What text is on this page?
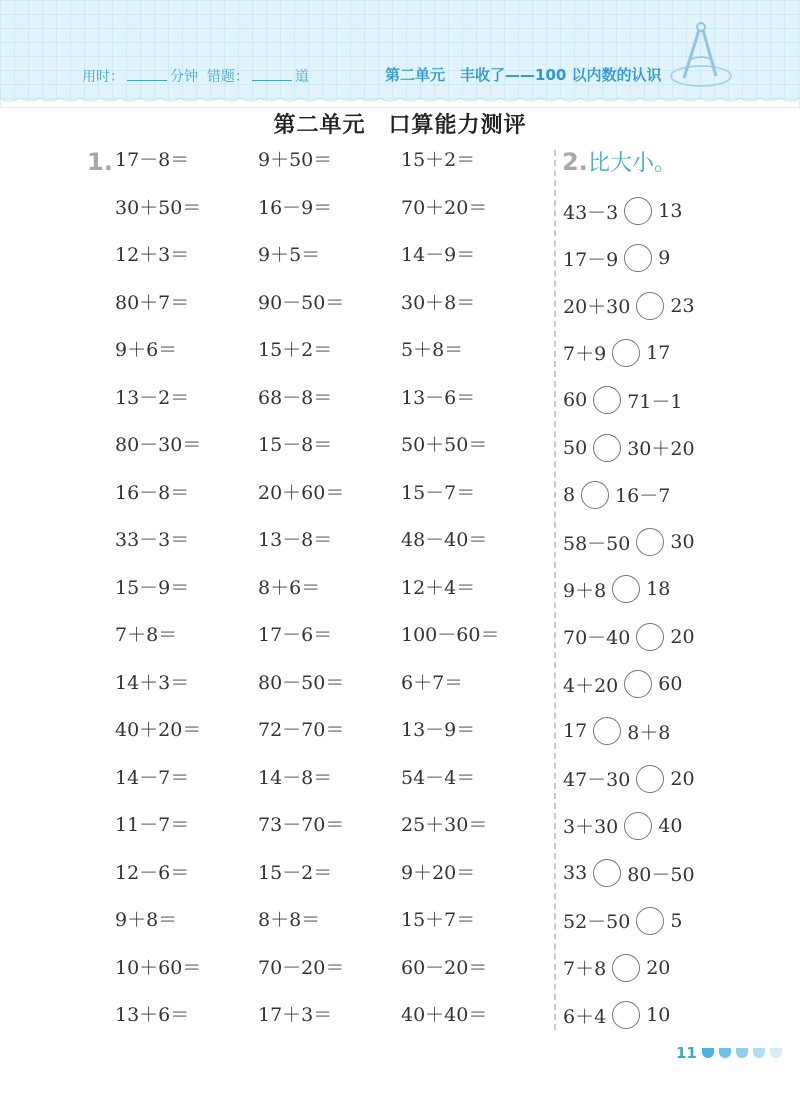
用时：	分钟 错题：	道	第二单元　丰收了——100 以内数的认识
第二单元　口算能力测评
1. 17－8＝	9＋50＝	15＋2＝
30＋50＝	16－9＝	70＋20＝
12＋3＝	9＋5＝	14－9＝
80＋7＝	90－50＝	30＋8＝
9＋6＝	15＋2＝	5＋8＝
13－2＝	68－8＝	13－6＝
80－30＝	15－8＝	50＋50＝
16－8＝	20＋60＝	15－7＝
33－3＝	13－8＝	48－40＝
15－9＝	8＋6＝	12＋4＝
7＋8＝	17－6＝	100－60＝
14＋3＝	80－50＝	6＋7＝
40＋20＝	72－70＝	13－9＝
14－7＝	14－8＝	54－4＝
11－7＝	73－70＝	25＋30＝
12－6＝	15－2＝	9＋20＝
9＋8＝	8＋8＝	15＋7＝
10＋60＝	70－20＝	60－20＝
13＋6＝	17＋3＝	40＋40＝
2. 比大小。
43－3 13
17－9 9
20＋30 23
7＋9 17
60 71－1
50 30＋20
8 16－7
58－50 30
9＋8 18
70－40 20
4＋20 60
17 8＋8
47－30 20
3＋30 40
33 80－50
52－50 5
7＋8 20
6＋4 10
11
